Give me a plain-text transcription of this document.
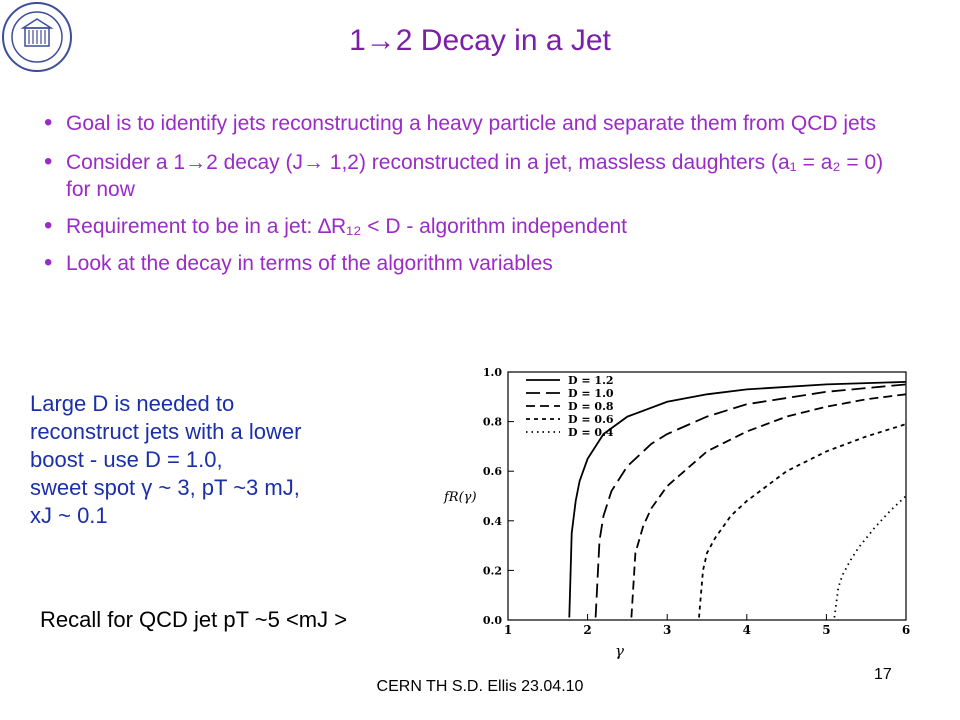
1→2 Decay in a Jet
• Goal is to identify jets reconstructing a heavy particle and separate them from QCD jets
• Consider a 1→2 decay (J→ 1,2) reconstructed in a jet, massless daughters (a₁ = a₂ = 0) for now
• Requirement to be in a jet: ∆R₁₂ < D - algorithm independent
• Look at the decay in terms of the algorithm variables
Large D is needed to
reconstruct jets with a lower
boost - use D = 1.0,
sweet spot γ ~ 3, pT ~3 mJ,
xJ ~ 0.1
Recall for QCD jet pT ~5 <mJ >	1	2	3	4	5	6
0.0
0.2
0.4
0.6
0.8
1.0
γ
fR(γ)
D = 1.2
D = 1.0
D = 0.8
D = 0.6
D = 0.4
CERN TH S.D. Ellis 23.04.10
17
